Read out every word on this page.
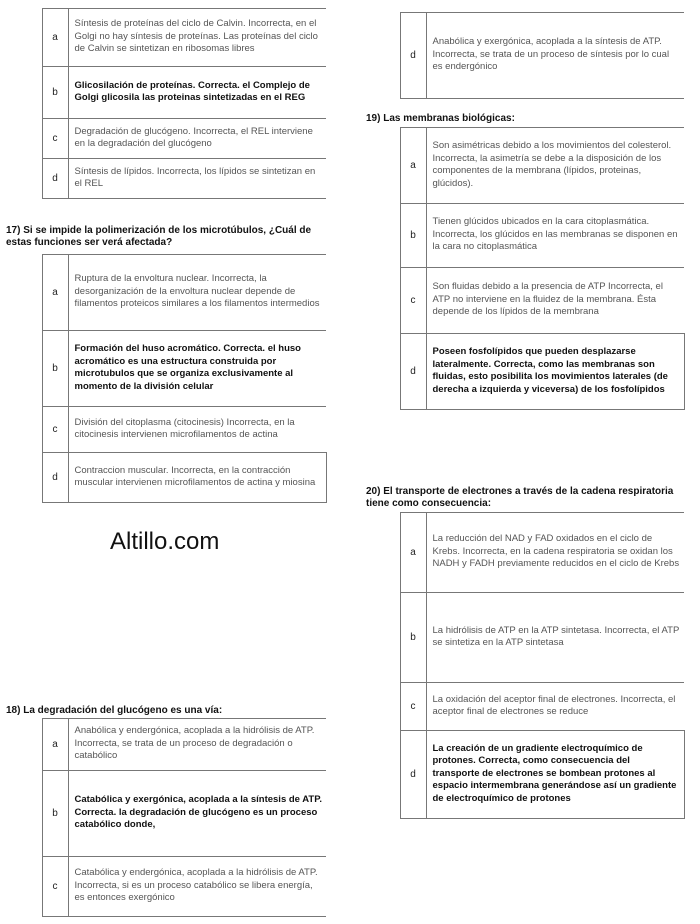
	a	Síntesis de proteínas del ciclo de Calvin. Incorrecta, en el Golgi no hay síntesis de proteínas. Las proteínas del ciclo de Calvin se sintetizan en ribosomas libres
	b	Glicosilación de proteínas. Correcta. el Complejo de Golgi glicosila las proteinas sintetizadas en el REG
	c	Degradación de glucógeno. Incorrecta, el REL interviene en la degradación del glucógeno
	d	Síntesis de lípidos. Incorrecta, los lípidos se sintetizan en el REL
17) Si se impide la polimerización de los microtúbulos, ¿Cuál de estas funciones ser verá afectada?
	a	Ruptura de la envoltura nuclear. Incorrecta, la desorganización de la envoltura nuclear depende de filamentos proteicos similares a los filamentos intermedios
	b	Formación del huso acromático. Correcta. el huso acromático es una estructura construida por microtubulos que se organiza exclusivamente al momento de la división celular
	c	División del citoplasma (citocinesis) Incorrecta, en la citocinesis intervienen microfilamentos de actina
	d	Contraccion muscular. Incorrecta, en la contracción muscular intervienen microfilamentos de actina y miosina
Altillo.com
18) La degradación del glucógeno es una vía:
	a	Anabólica y endergónica, acoplada a la hidrólisis de ATP. Incorrecta, se trata de un proceso de degradación o catabólico
	b	Catabólica y exergónica, acoplada a la síntesis de ATP. Correcta. la degradación de glucógeno es un proceso catabólico donde,
	c	Catabólica y endergónica, acoplada a la hidrólisis de ATP. Incorrecta, si es un proceso catabólico se libera energía, es entonces exergónico
	d	Anabólica y exergónica, acoplada a la síntesis de ATP. Incorrecta, se trata de un proceso de síntesis por lo cual es endergónico
19) Las membranas biológicas:
	a	Son asimétricas debido a los movimientos del colesterol. Incorrecta, la asimetría se debe a la disposición de los componentes de la membrana (lípidos, proteinas, glúcidos).
	b	Tienen glúcidos ubicados en la cara citoplasmática. Incorrecta, los glúcidos en las membranas se disponen en la cara no citoplasmática
	c	Son fluidas debido a la presencia de ATP Incorrecta, el ATP no interviene en la fluidez de la membrana. Ésta depende de los lípidos de la membrana
	d	Poseen fosfolípidos que pueden desplazarse lateralmente. Correcta, como las membranas son fluidas, esto posibilita los movimientos laterales (de derecha a izquierda y viceversa) de los fosfolípidos
20) El transporte de electrones a través de la cadena respiratoria tiene como consecuencia:
	a	La reducción del NAD y FAD oxidados en el ciclo de Krebs. Incorrecta, en la cadena respiratoria se oxidan los NADH y FADH previamente reducidos en el ciclo de Krebs
	b	La hidrólisis de ATP en la ATP sintetasa. Incorrecta, el ATP se sintetiza en la ATP sintetasa
	c	La oxidación del aceptor final de electrones. Incorrecta, el aceptor final de electrones se reduce
	d	La creación de un gradiente electroquímico de protones. Correcta, como consecuencia del transporte de electrones se bombean protones al espacio intermembrana generándose así un gradiente de electroquímico de protones
